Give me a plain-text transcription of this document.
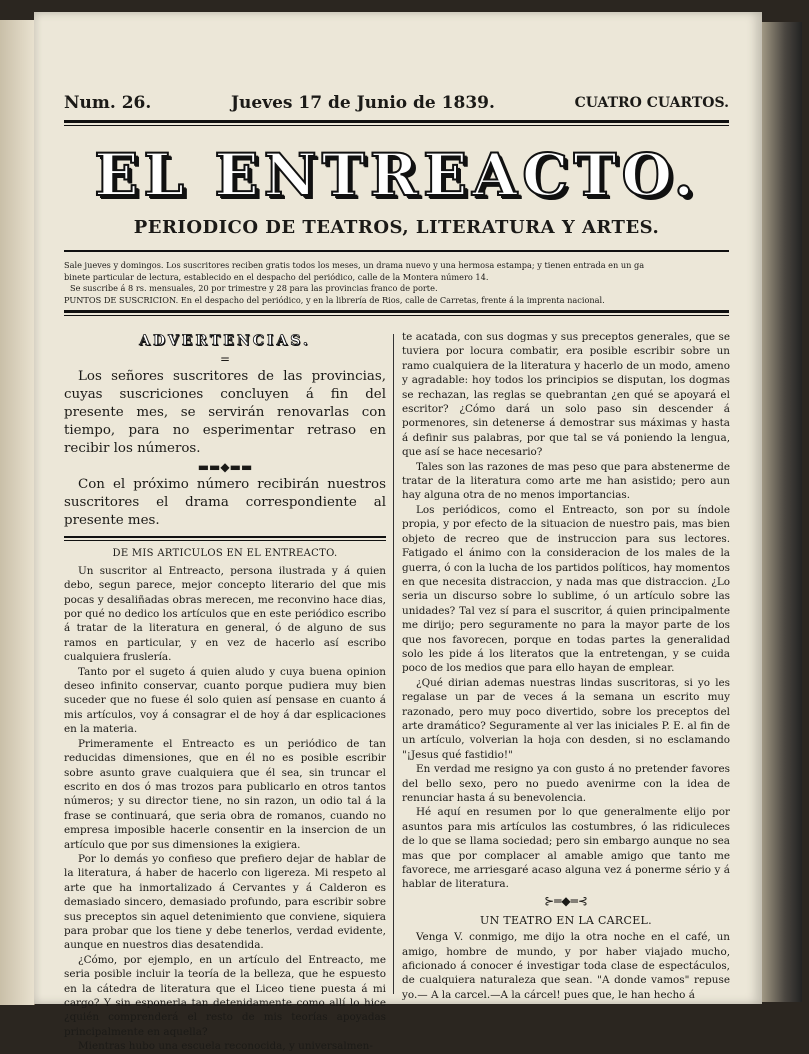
Num. 26.	Jueves 17 de Junio de 1839.	CUATRO CUARTOS.
EL ENTREACTO.
PERIODICO DE TEATROS, LITERATURA Y ARTES.

Sale jueves y domingos. Los suscritores reciben gratis todos los meses, un drama nuevo y una hermosa estampa; y tienen entrada en un ga

binete particular de lectura, establecido en el despacho del periódico, calle de la Montera número 14.

Se suscribe á 8 rs. mensuales, 20 por trimestre y 28 para las provincias franco de porte.

PUNTOS DE SUSCRICION. En el despacho del periódico, y en la librería de Rios, calle de Carretas, frente á la imprenta nacional.

ADVERTENCIAS.
=

Los señores suscritores de las provincias, cuyas suscriciones concluyen á fin del presente mes, se servirán renovarlas con tiempo, para no esperimentar retraso en recibir los números.

▬▬◆▬▬

Con el próximo número recibirán nuestros suscritores el drama correspondiente al presente mes.

DE MIS ARTICULOS EN EL ENTREACTO.

Un suscritor al Entreacto, persona ilustrada y á quien debo, segun parece, mejor concepto literario del que mis pocas y desaliñadas obras merecen, me reconvino hace dias, por qué no dedico los artículos que en este periódico escribo á tratar de la literatura en general, ó de alguno de sus ramos en particular, y en vez de hacerlo así escribo cualquiera fruslería.

Tanto por el sugeto á quien aludo y cuya buena opinion deseo infinito conservar, cuanto porque pudiera muy bien suceder que no fuese él solo quien así pensase en cuanto á mis artículos, voy á consagrar el de hoy á dar esplicaciones en la materia.

Primeramente el Entreacto es un periódico de tan reducidas dimensiones, que en él no es posible escribir sobre asunto grave cualquiera que él sea, sin truncar el escrito en dos ó mas trozos para publicarlo en otros tantos números; y su director tiene, no sin razon, un odio tal á la frase se continuará, que seria obra de romanos, cuando no empresa imposible hacerle consentir en la insercion de un artículo que por sus dimensiones la exigiera.

Por lo demás yo confieso que prefiero dejar de hablar de la literatura, á haber de hacerlo con ligereza. Mi respeto al arte que ha inmortalizado á Cervantes y á Calderon es demasiado sincero, demasiado profundo, para escribir sobre sus preceptos sin aquel detenimiento que conviene, siquiera para probar que los tiene y debe tenerlos, verdad evidente, aunque en nuestros dias desatendida.

¿Cómo, por ejemplo, en un artículo del Entreacto, me seria posible incluir la teoría de la belleza, que he espuesto en la cátedra de literatura que el Liceo tiene puesta á mi cargo? Y sin esponerla tan detenidamente como allí lo hice ¿quién comprenderá el resto de mis teorías apoyadas principalmente en aquella?

Mientras hubo una escuela reconocida, y universalmen-

te acatada, con sus dogmas y sus preceptos generales, que se tuviera por locura combatir, era posible escribir sobre un ramo cualquiera de la literatura y hacerlo de un modo, ameno y agradable: hoy todos los principios se disputan, los dogmas se rechazan, las reglas se quebrantan ¿en qué se apoyará el escritor? ¿Cómo dará un solo paso sin descender á pormenores, sin detenerse á demostrar sus máximas y hasta á definir sus palabras, por que tal se vá poniendo la lengua, que así se hace necesario?

Tales son las razones de mas peso que para abstenerme de tratar de la literatura como arte me han asistido; pero aun hay alguna otra de no menos importancias.

Los periódicos, como el Entreacto, son por su índole propia, y por efecto de la situacion de nuestro pais, mas bien objeto de recreo que de instruccion para sus lectores. Fatigado el ánimo con la consideracion de los males de la guerra, ó con la lucha de los partidos políticos, hay momentos en que necesita distraccion, y nada mas que distraccion. ¿Lo seria un discurso sobre lo sublime, ó un artículo sobre las unidades? Tal vez sí para el suscritor, á quien principalmente me dirijo; pero seguramente no para la mayor parte de los que nos favorecen, porque en todas partes la generalidad solo les pide á los literatos que la entretengan, y se cuida poco de los medios que para ello hayan de emplear.

¿Qué dirian ademas nuestras lindas suscritoras, si yo les regalase un par de veces á la semana un escrito muy razonado, pero muy poco divertido, sobre los preceptos del arte dramático? Seguramente al ver las iniciales P. E. al fin de un artículo, volverian la hoja con desden, si no esclamando "¡Jesus qué fastidio!"

En verdad me resigno ya con gusto á no pretender favores del bello sexo, pero no puedo avenirme con la idea de renunciar hasta á su benevolencia.

Hé aquí en resumen por lo que generalmente elijo por asuntos para mis artículos las costumbres, ó las ridiculeces de lo que se llama sociedad; pero sin embargo aunque no sea mas que por complacer al amable amigo que tanto me favorece, me arriesgaré acaso alguna vez á ponerme sério y á hablar de literatura.

⊱═◆═⊰
UN TEATRO EN LA CARCEL.

Venga V. conmigo, me dijo la otra noche en el café, un amigo, hombre de mundo, y por haber viajado mucho, aficionado á conocer é investigar toda clase de espectáculos, de cualquiera naturaleza que sean. "A donde vamos" repuse yo.— A la carcel.—A la cárcel! pues que, le han hecho á
